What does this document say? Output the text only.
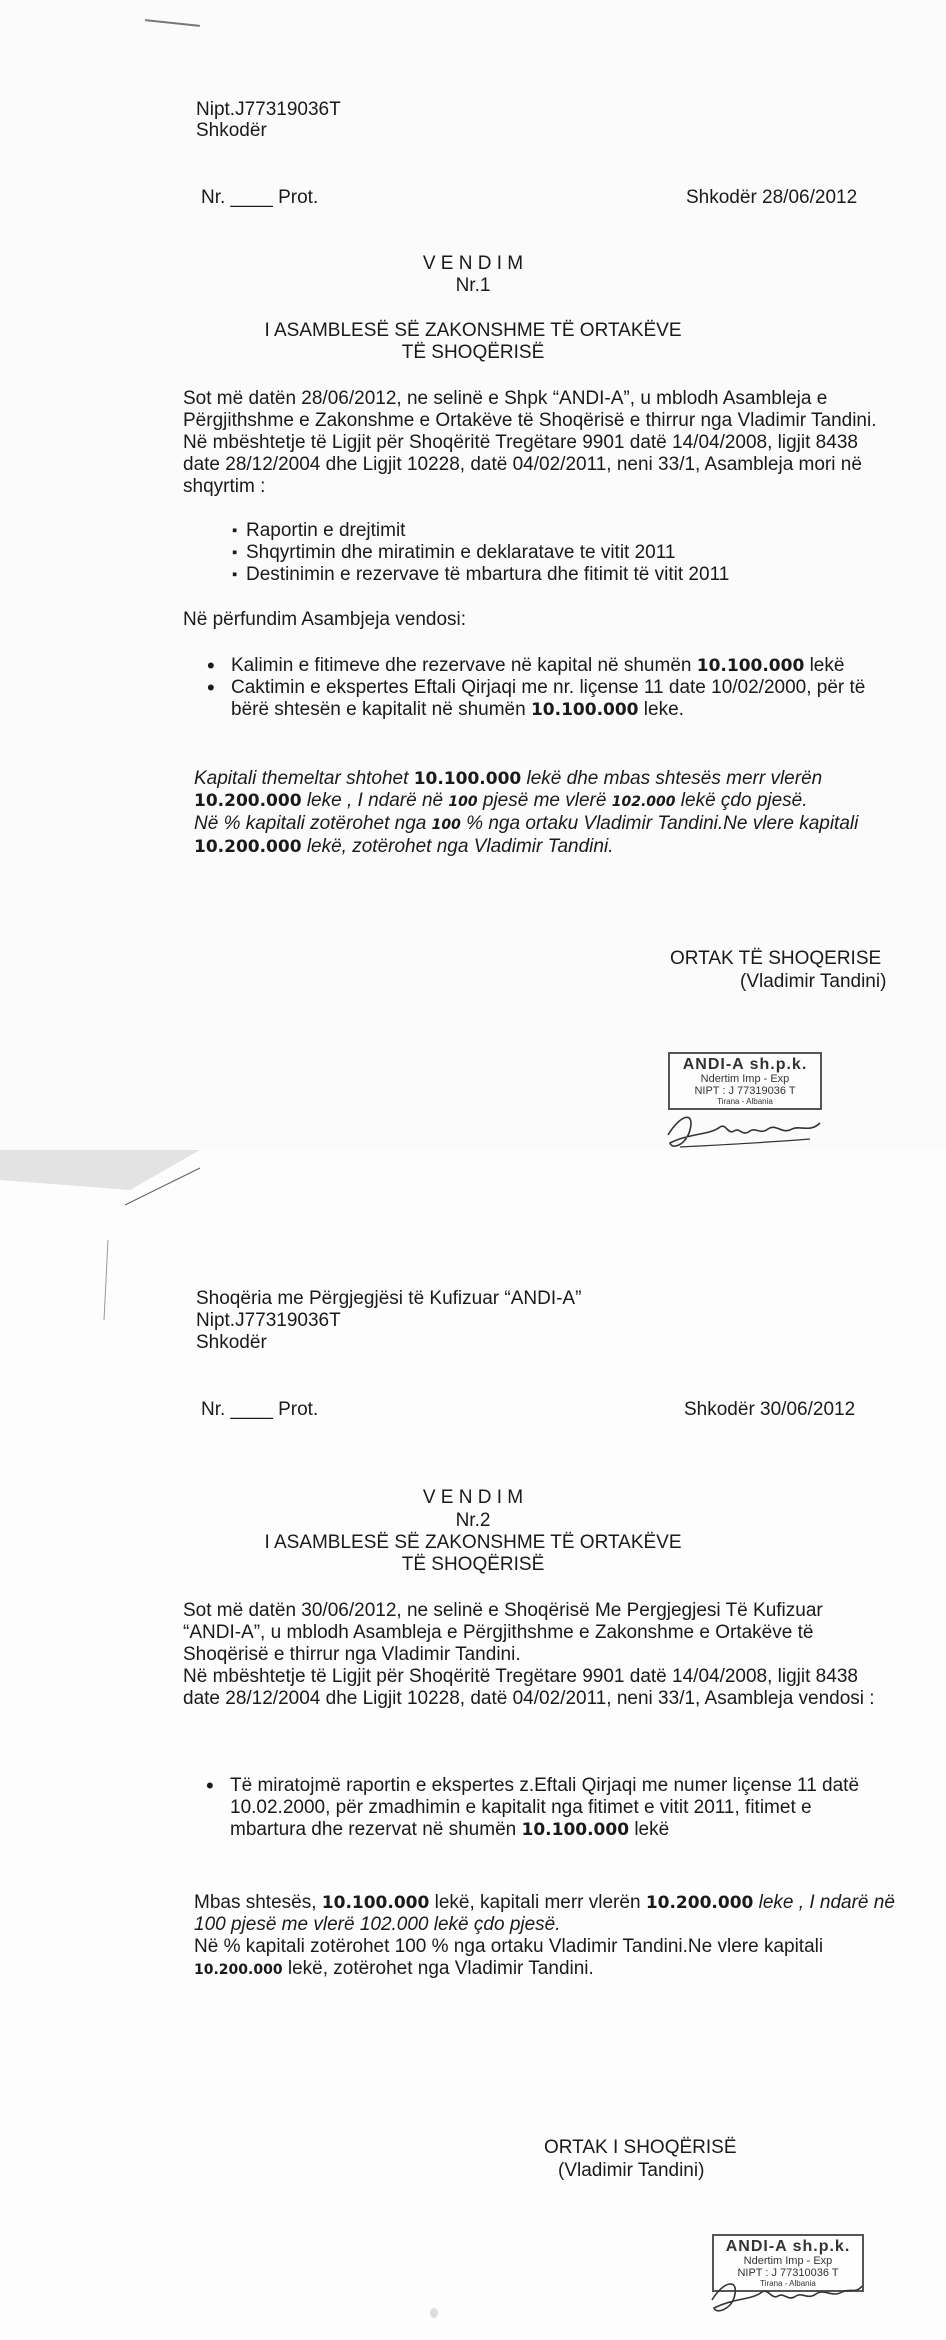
Nipt.J77319036T
Shkodër
Nr. ____ Prot.	Shkodër 28/06/2012
V E N D I M
Nr.1
I ASAMBLESË SË ZAKONSHME TË ORTAKËVE
TË SHOQËRISË
Sot më datën 28/06/2012, ne selinë e Shpk “ANDI-A”, u mblodh Asambleja e
Përgjithshme e Zakonshme e Ortakëve të Shoqërisë e thirrur nga Vladimir Tandini.
Në mbështetje të Ligjit për Shoqëritë Tregëtare 9901 datë 14/04/2008, ligjit 8438
date 28/12/2004 dhe Ligjit 10228, datë 04/02/2011, neni 33/1, Asambleja mori në
shqyrtim :
▪ Raportin e drejtimit
▪ Shqyrtimin dhe miratimin e deklaratave te vitit 2011
▪ Destinimin e rezervave të mbartura dhe fitimit të vitit 2011
Në përfundim Asambjeja vendosi:
• Kalimin e fitimeve dhe rezervave në kapital në shumën 10.100.000 lekë
• Caktimin e ekspertes Eftali Qirjaqi me nr. liçense 11 date 10/02/2000, për të
bërë shtesën e kapitalit në shumën 10.100.000 leke.
Kapitali themeltar shtohet 10.100.000 lekë dhe mbas shtesës merr vlerën
10.200.000 leke , I ndarë në 100 pjesë me vlerë 102.000 lekë çdo pjesë.
Në % kapitali zotërohet nga 100 % nga ortaku Vladimir Tandini.Ne vlere kapitali
10.200.000 lekë, zotërohet nga Vladimir Tandini.
ORTAK TË SHOQERISE
(Vladimir Tandini)
ANDI-A sh.p.k.
Ndertim Imp - Exp
NIPT : J 77319036 T
Tirana - Albania
Shoqëria me Përgjegjësi të Kufizuar “ANDI-A”
Nipt.J77319036T
Shkodër
Nr. ____ Prot.	Shkodër 30/06/2012
V E N D I M
Nr.2
I ASAMBLESË SË ZAKONSHME TË ORTAKËVE
TË SHOQËRISË
Sot më datën 30/06/2012, ne selinë e Shoqërisë Me Pergjegjesi Të Kufizuar
“ANDI-A”, u mblodh Asambleja e Përgjithshme e Zakonshme e Ortakëve të
Shoqërisë e thirrur nga Vladimir Tandini.
Në mbështetje të Ligjit për Shoqëritë Tregëtare 9901 datë 14/04/2008, ligjit 8438
date 28/12/2004 dhe Ligjit 10228, datë 04/02/2011, neni 33/1, Asambleja vendosi :
• Të miratojmë raportin e ekspertes z.Eftali Qirjaqi me numer liçense 11 datë
10.02.2000, për zmadhimin e kapitalit nga fitimet e vitit 2011, fitimet e
mbartura dhe rezervat në shumën 10.100.000 lekë
Mbas shtesës, 10.100.000 lekë, kapitali merr vlerën 10.200.000 leke , I ndarë në
100 pjesë me vlerë 102.000 lekë çdo pjesë.
Në % kapitali zotërohet 100 % nga ortaku Vladimir Tandini.Ne vlere kapitali
10.200.000 lekë, zotërohet nga Vladimir Tandini.
ORTAK I SHOQËRISË
(Vladimir Tandini)
ANDI-A sh.p.k.
Ndertim Imp - Exp
NIPT : J 77310036 T
Tirana - Albania
